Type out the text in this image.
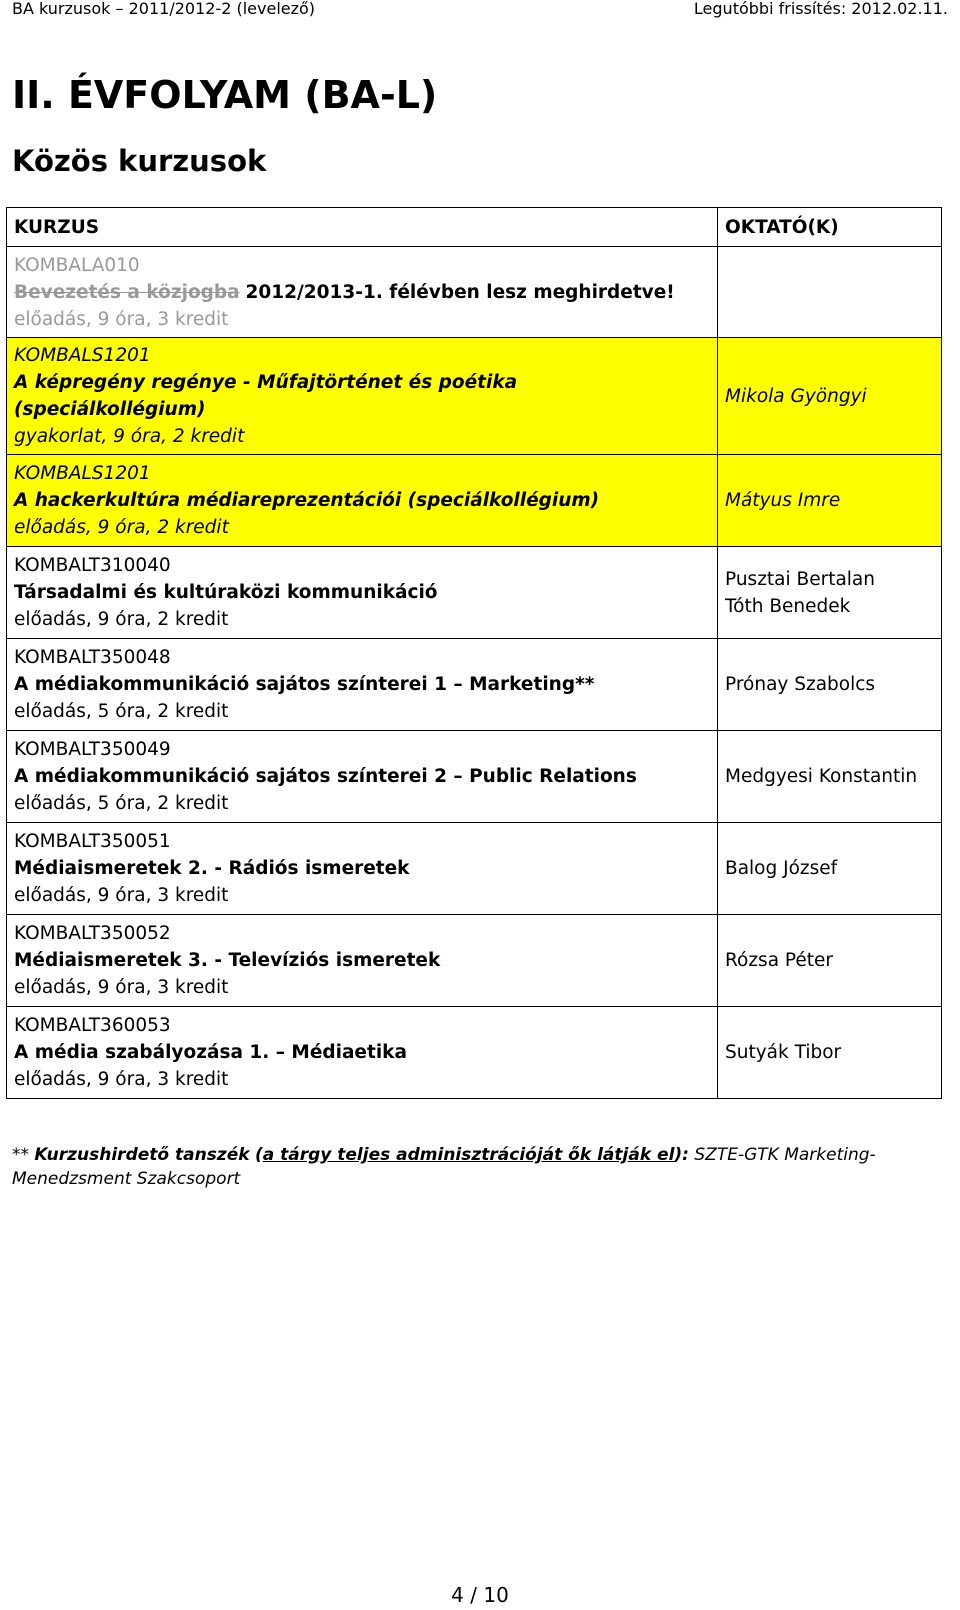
BA kurzusok – 2011/2012-2 (levelező)	Legutóbbi frissítés: 2012.02.11.
II. ÉVFOLYAM (BA-L)
Közös kurzusok
KURZUS	OKTATÓ(K)

KOMBALA010
Bevezetés a közjogba 2012/2013-1. félévben lesz meghirdetve!
előadás, 9 óra, 3 kredit	

KOMBALS1201
A képregény regénye - Műfajtörténet és poétika
(speciálkollégium)
gyakorlat, 9 óra, 2 kredit	Mikola Gyöngyi

KOMBALS1201
A hackerkultúra médiareprezentációi (speciálkollégium)
előadás, 9 óra, 2 kredit	Mátyus Imre

KOMBALT310040
Társadalmi és kultúraközi kommunikáció
előadás, 9 óra, 2 kredit	Pusztai Bertalan
Tóth Benedek

KOMBALT350048
A médiakommunikáció sajátos színterei 1 – Marketing**
előadás, 5 óra, 2 kredit	Prónay Szabolcs

KOMBALT350049
A médiakommunikáció sajátos színterei 2 – Public Relations
előadás, 5 óra, 2 kredit	Medgyesi Konstantin

KOMBALT350051
Médiaismeretek 2. - Rádiós ismeretek
előadás, 9 óra, 3 kredit	Balog József

KOMBALT350052
Médiaismeretek 3. - Televíziós ismeretek
előadás, 9 óra, 3 kredit	Rózsa Péter

KOMBALT360053
A média szabályozása 1. – Médiaetika
előadás, 9 óra, 3 kredit	Sutyák Tibor
** Kurzushirdető tanszék (a tárgy teljes adminisztrációját ők látják el): SZTE-GTK Marketing-Menedzsment Szakcsoport
4 / 10
